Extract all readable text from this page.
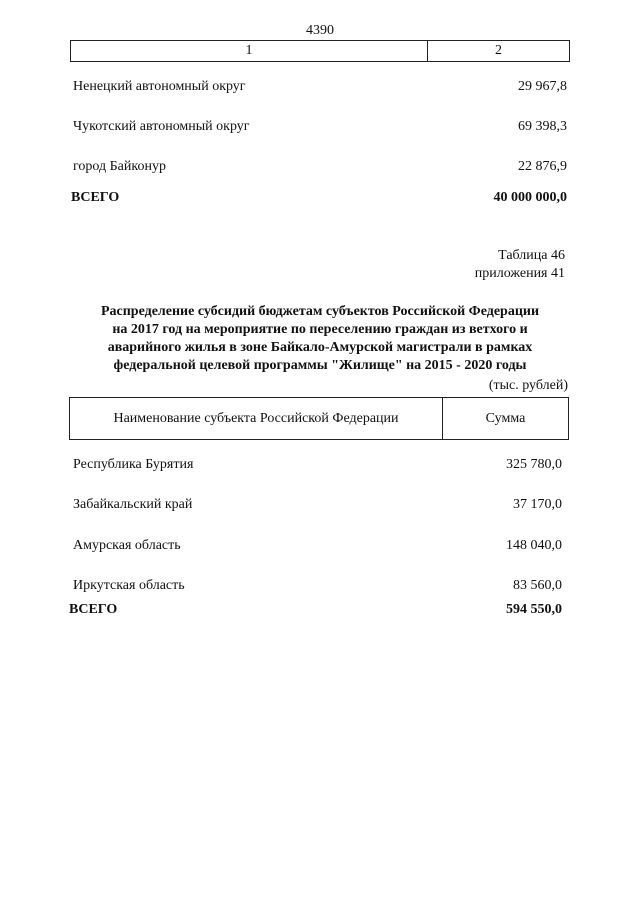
4390
1	2
Ненецкий автономный округ	29 967,8
Чукотский автономный округ	69 398,3
город Байконур	22 876,9
ВСЕГО	40 000 000,0
Таблица 46
приложения 41
Распределение субсидий бюджетам субъектов Российской Федерации
на 2017 год на мероприятие по переселению граждан из ветхого и
аварийного жилья в зоне Байкало-Амурской магистрали в рамках
федеральной целевой программы "Жилище" на 2015 - 2020 годы
(тыс. рублей)
Наименование субъекта Российской Федерации	Сумма
Республика Бурятия	325 780,0
Забайкальский край	37 170,0
Амурская область	148 040,0
Иркутская область	83 560,0
ВСЕГО	594 550,0
